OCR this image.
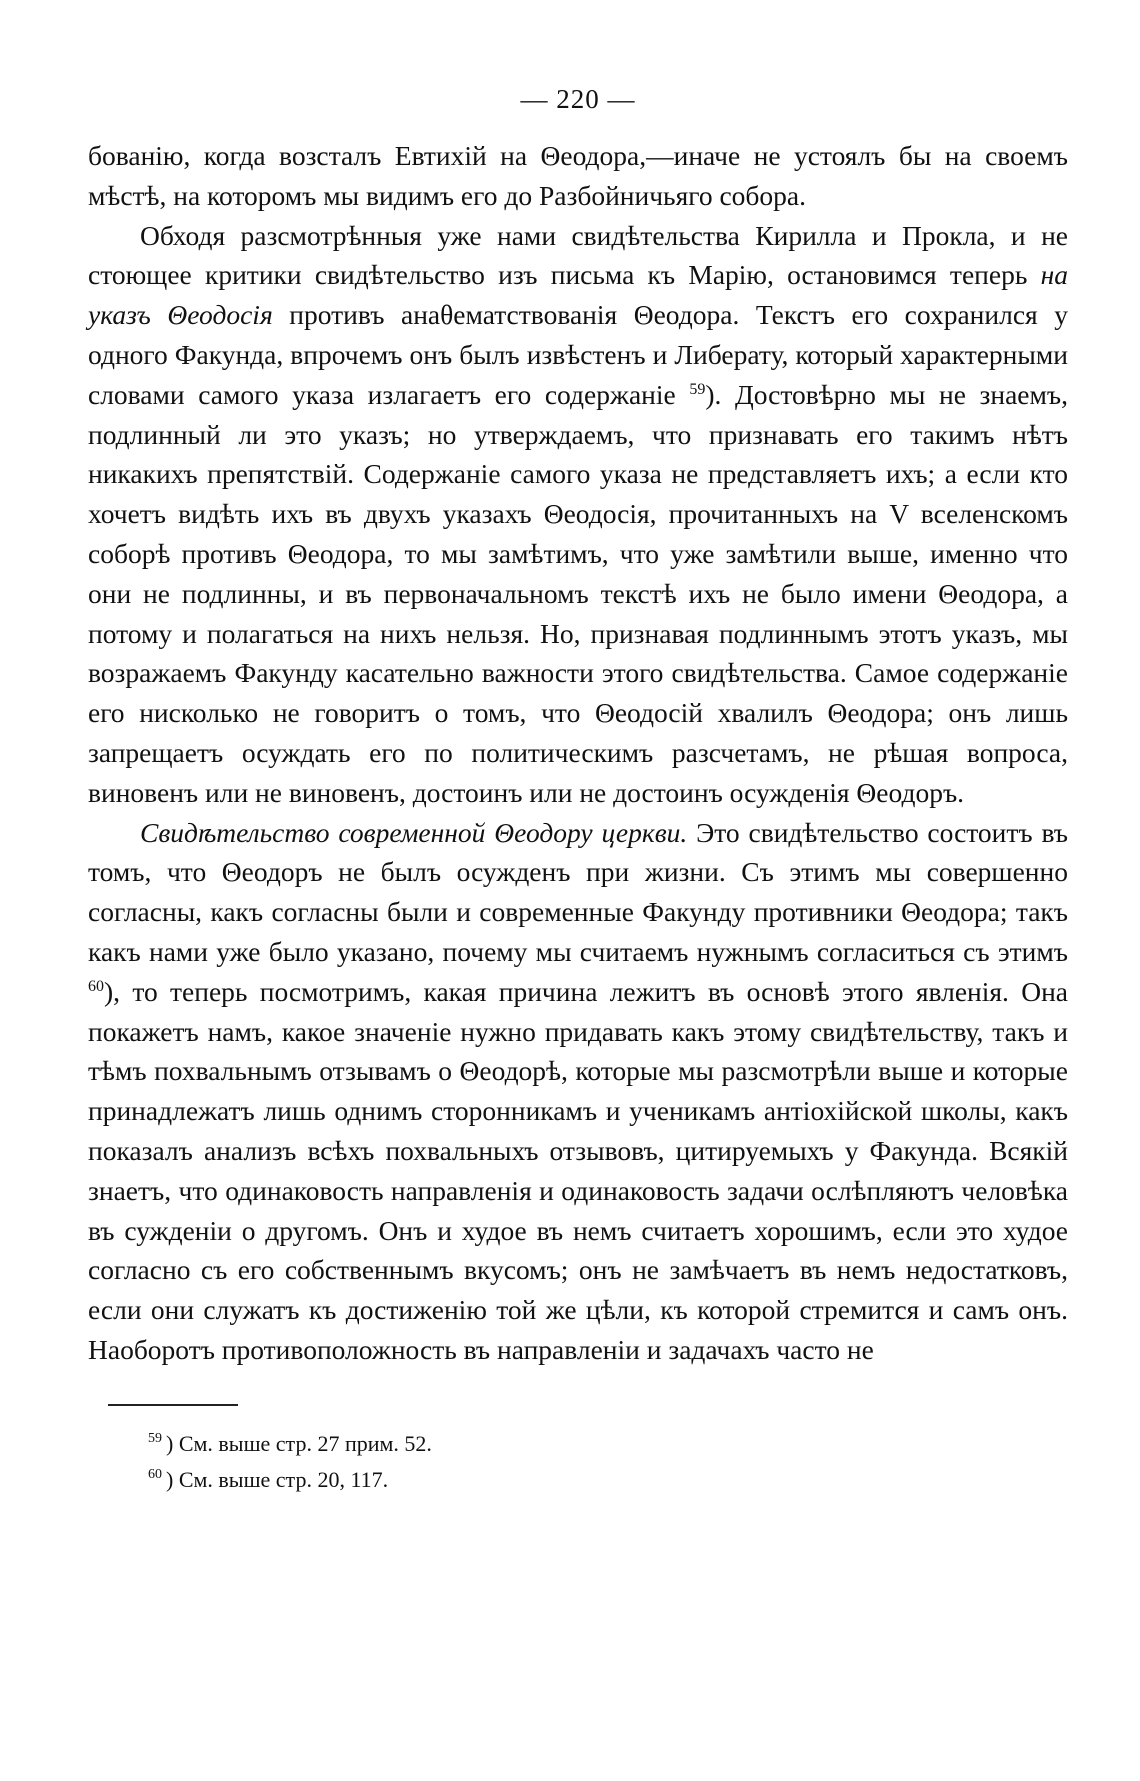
— 220 —

бованію, когда возсталъ Евтихій на Θеодора,—иначе не устоялъ бы на своемъ мѣстѣ, на которомъ мы видимъ его до Разбойничьяго собора.

Обходя разсмотрѣнныя уже нами свидѣтельства Кирилла и Прокла, и не стоющее критики свидѣтельство изъ письма къ Марію, остановимся теперь на указъ Θеодосія противъ анаθематствованія Θеодора. Текстъ его сохранился у одного Факунда, впрочемъ онъ былъ извѣстенъ и Либерату, который характерными словами самого указа излагаетъ его содержаніе $^{59}$). Достовѣрно мы не знаемъ, подлинный ли это указъ; но утверждаемъ, что признавать его такимъ нѣтъ никакихъ препятствій. Содержаніе самого указа не представляетъ ихъ; а если кто хочетъ видѣть ихъ въ двухъ указахъ Θеодосія, прочитанныхъ на V вселенскомъ соборѣ противъ Θеодора, то мы замѣтимъ, что уже замѣтили выше, именно что они не подлинны, и въ первоначальномъ текстѣ ихъ не было имени Θеодора, а потому и полагаться на нихъ нельзя. Но, признавая подлиннымъ этотъ указъ, мы возражаемъ Факунду касательно важности этого свидѣтельства. Самое содержаніе его нисколько не говоритъ о томъ, что Θеодосій хвалилъ Θеодора; онъ лишь запрещаетъ осуждать его по политическимъ разсчетамъ, не рѣшая вопроса, виновенъ или не виновенъ, достоинъ или не достоинъ осужденія Θеодоръ.

Свидѣтельство современной Θеодору церкви. Это свидѣтельство состоитъ въ томъ, что Θеодоръ не былъ осужденъ при жизни. Съ этимъ мы совершенно согласны, какъ согласны были и современные Факунду противники Θеодора; такъ какъ нами уже было указано, почему мы считаемъ нужнымъ согласиться съ этимъ $^{60}$), то теперь посмотримъ, какая причина лежитъ въ основѣ этого явленія. Она покажетъ намъ, какое значеніе нужно придавать какъ этому свидѣтельству, такъ и тѣмъ похвальнымъ отзывамъ о Θеодорѣ, которые мы разсмотрѣли выше и которые принадлежатъ лишь однимъ сторонникамъ и ученикамъ антіохійской школы, какъ показалъ анализъ всѣхъ похвальныхъ отзывовъ, цитируемыхъ у Факунда. Всякій знаетъ, что одинаковость направленія и одинаковость задачи ослѣпляютъ человѣка въ сужденіи о другомъ. Онъ и худое въ немъ считаетъ хорошимъ, если это худое согласно съ его собственнымъ вкусомъ; онъ не замѣчаетъ въ немъ недостатковъ, если они служатъ къ достиженію той же цѣли, къ которой стремится и самъ онъ. Наоборотъ противоположность въ направленіи и задачахъ часто не

$^{59}$ ) См. выше стр. 27 прим. 52.
$^{60}$ ) См. выше стр. 20, 117.
